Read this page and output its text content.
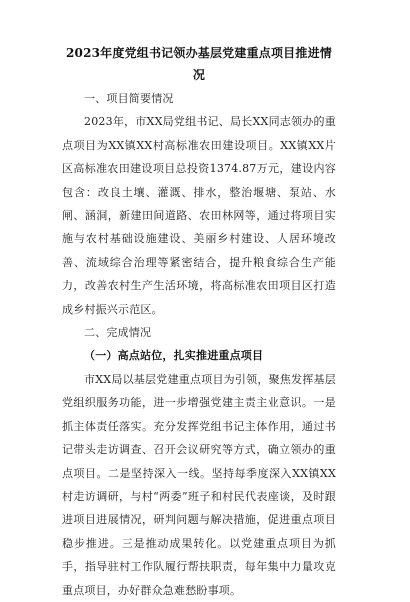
2023年度党组书记领办基层党建重点项目推进情况

一、项目简要情况

2023年，市XX局党组书记、局长XX同志领办的重点项目为XX镇XX村高标准农田建设项目。XX镇XX片区高标准农田建设项目总投资1374.87万元，建设内容包含：改良土壤、灌溉、排水，整治堰塘、泵站、水闸、涵洞，新建田间道路、农田林网等，通过将项目实施与农村基础设施建设、美丽乡村建设、人居环境改善、流域综合治理等紧密结合，提升粮食综合生产能力，改善农村生产生活环境，将高标准农田项目区打造成乡村振兴示范区。

二、完成情况

（一）高点站位，扎实推进重点项目

市XX局以基层党建重点项目为引领，聚焦发挥基层党组织服务功能，进一步增强党建主责主业意识。一是抓主体责任落实。充分发挥党组书记主体作用，通过书记带头走访调查、召开会议研究等方式，确立领办的重点项目。二是坚持深入一线。坚持每季度深入XX镇XX村走访调研，与村“两委”班子和村民代表座谈，及时跟进项目进展情况，研判问题与解决措施，促进重点项目稳步推进。三是推动成果转化。以党建重点项目为抓手，指导驻村工作队履行帮扶职责，每年集中力量攻克重点项目，办好群众急难愁盼事项。
